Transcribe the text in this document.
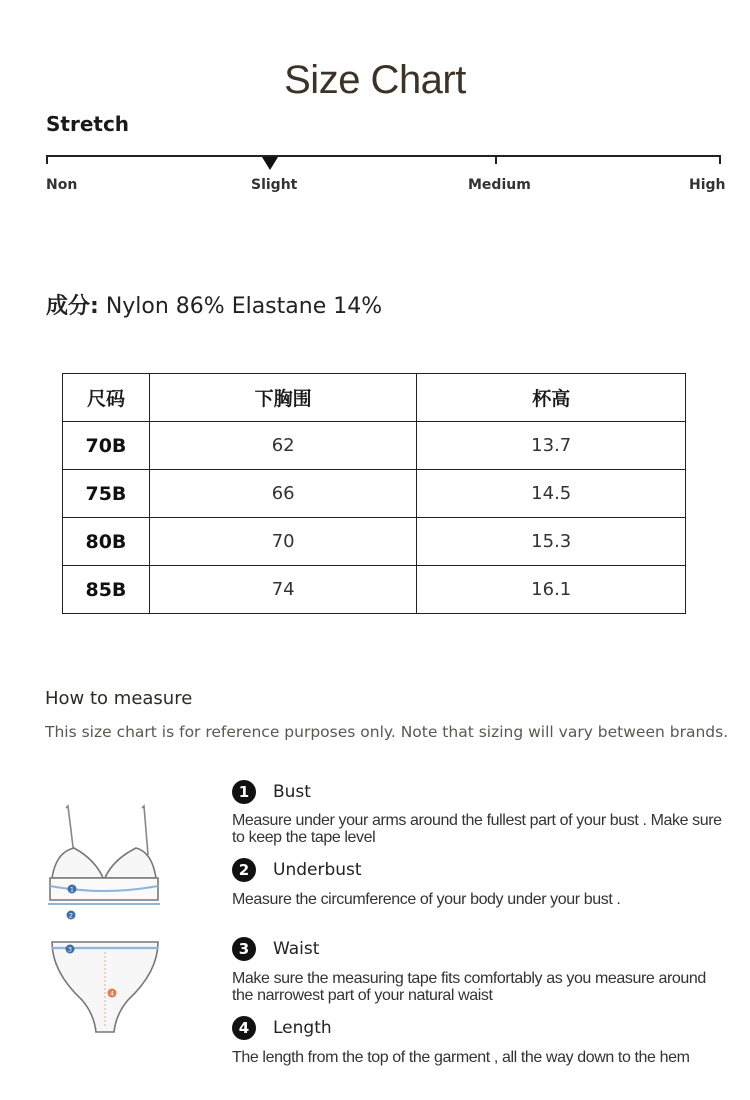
Size Chart
Stretch
Non	Slight	Medium	High
成分: Nylon 86% Elastane 14%
尺码	下胸围	杯高
70B	62	13.7
75B	66	14.5
80B	70	15.3
85B	74	16.1
How to measure
This size chart is for reference purposes only. Note that sizing will vary between brands.
1
2
3
4
1	Bust
Measure under your arms around the fullest part of your bust . Make sure to keep the tape level
2	Underbust
Measure the circumference of your body under your bust .
3	Waist
Make sure the measuring tape fits comfortably as you measure around the narrowest part of your natural waist
4	Length
The length from the top of the garment , all the way down to the hem
